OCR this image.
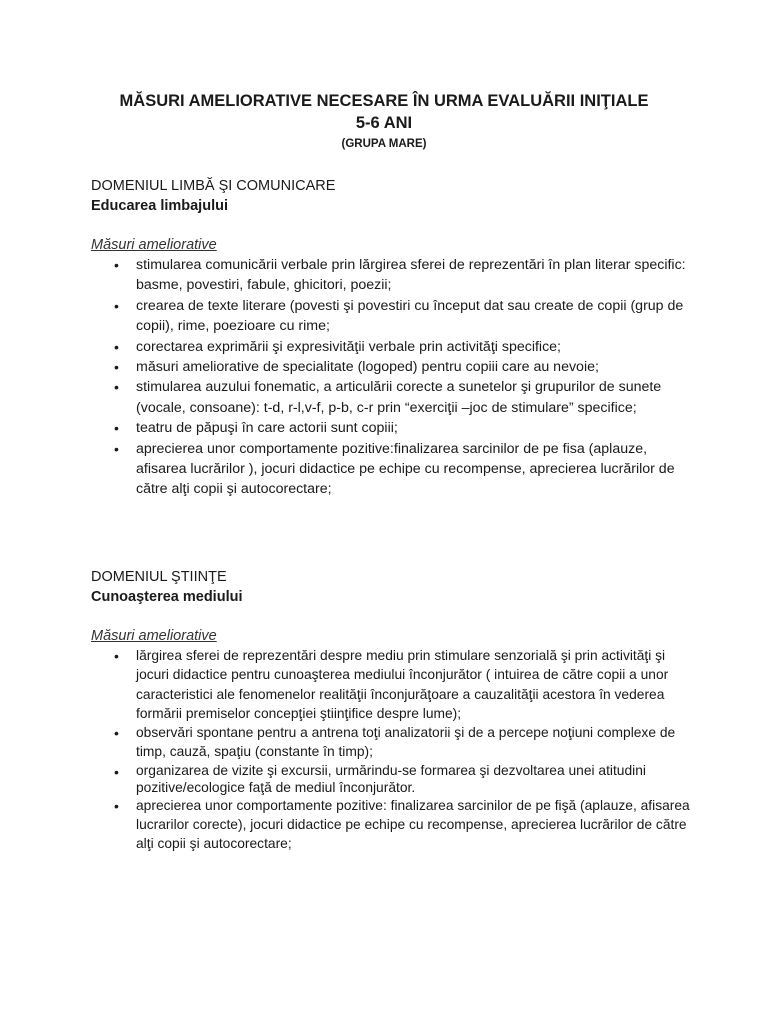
MĂSURI AMELIORATIVE NECESARE ÎN URMA EVALUĂRII INIŢIALE
5-6 ANI
(GRUPA MARE)
DOMENIUL LIMBĂ ŞI COMUNICARE
Educarea limbajului
Măsuri ameliorative
• stimularea comunicării verbale prin lărgirea sferei de reprezentări în plan literar specific: basme, povestiri, fabule, ghicitori, poezii;
• crearea de texte literare (povesti şi povestiri cu început dat sau create de copii (grup de copii), rime, poezioare cu rime;
• corectarea exprimării şi expresivităţii verbale prin activităţi specifice;
• măsuri ameliorative de specialitate (logoped) pentru copiii care au nevoie;
• stimularea auzului fonematic, a articulării corecte a sunetelor şi grupurilor de sunete (vocale, consoane): t-d, r-l,v-f, p-b, c-r prin “exerciţii –joc de stimulare” specifice;
• teatru de păpuşi în care actorii sunt copiii;
• aprecierea unor comportamente pozitive:finalizarea sarcinilor de pe fisa (aplauze, afisarea lucrărilor ), jocuri didactice pe echipe cu recompense, aprecierea lucrărilor de către alţi copii şi autocorectare;
DOMENIUL ŞTIINŢE
Cunoaşterea mediului
Măsuri ameliorative
• lărgirea sferei de reprezentări despre mediu prin stimulare senzorială şi prin activităţi şi jocuri didactice pentru cunoaşterea mediului înconjurător ( intuirea de către copii a unor caracteristici ale fenomenelor realităţii înconjurăţoare a cauzalităţii acestora în vederea formării premiselor concepţiei ştiinţifice despre lume);
• observări spontane pentru a antrena toţi analizatorii şi de a percepe noţiuni complexe de timp, cauză, spaţiu (constante în timp);
• organizarea de vizite şi excursii, urmărindu-se formarea şi dezvoltarea unei atitudini pozitive/ecologice faţă de mediul înconjurător.
• aprecierea unor comportamente pozitive: finalizarea sarcinilor de pe fişă (aplauze, afisarea lucrarilor corecte), jocuri didactice pe echipe cu recompense, aprecierea lucrărilor de către alţi copii şi autocorectare;
